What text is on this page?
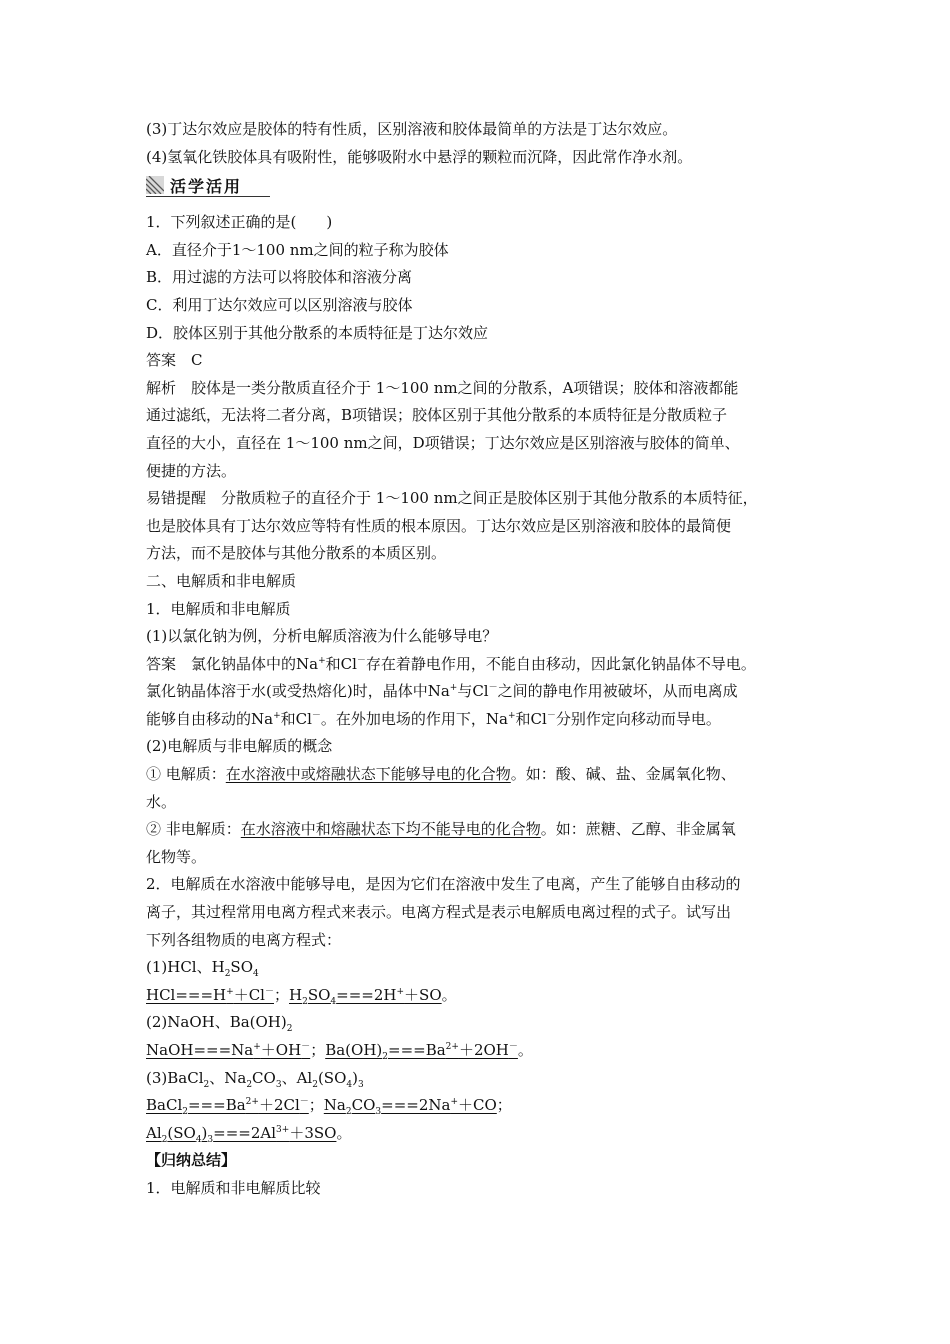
(3)丁达尔效应是胶体的特有性质，区别溶液和胶体最简单的方法是丁达尔效应。
(4)氢氧化铁胶体具有吸附性，能够吸附水中悬浮的颗粒而沉降，因此常作净水剂。
活学活用
1．下列叙述正确的是(　　)
A．直径介于1～100 nm之间的粒子称为胶体
B．用过滤的方法可以将胶体和溶液分离
C．利用丁达尔效应可以区别溶液与胶体
D．胶体区别于其他分散系的本质特征是丁达尔效应
答案　C
解析　胶体是一类分散质直径介于 1～100 nm之间的分散系，A项错误；胶体和溶液都能
通过滤纸，无法将二者分离，B项错误；胶体区别于其他分散系的本质特征是分散质粒子
直径的大小，直径在 1～100 nm之间，D项错误；丁达尔效应是区别溶液与胶体的简单、
便捷的方法。
易错提醒　分散质粒子的直径介于 1～100 nm之间正是胶体区别于其他分散系的本质特征，
也是胶体具有丁达尔效应等特有性质的根本原因。丁达尔效应是区别溶液和胶体的最简便
方法，而不是胶体与其他分散系的本质区别。
二、电解质和非电解质
1．电解质和非电解质
(1)以氯化钠为例，分析电解质溶液为什么能够导电？
答案　氯化钠晶体中的Na+和Cl－存在着静电作用，不能自由移动，因此氯化钠晶体不导电。
氯化钠晶体溶于水(或受热熔化)时，晶体中Na+与Cl－之间的静电作用被破坏，从而电离成
能够自由移动的Na+和Cl－。在外加电场的作用下，Na+和Cl－分别作定向移动而导电。
(2)电解质与非电解质的概念
① 电解质：在水溶液中或熔融状态下能够导电的化合物。如：酸、碱、盐、金属氧化物、
水。
② 非电解质：在水溶液中和熔融状态下均不能导电的化合物。如：蔗糖、乙醇、非金属氧
化物等。
2．电解质在水溶液中能够导电，是因为它们在溶液中发生了电离，产生了能够自由移动的
离子，其过程常用电离方程式来表示。电离方程式是表示电解质电离过程的式子。试写出
下列各组物质的电离方程式：
(1)HCl、$H_2SO_4$
HCl===H+＋Cl－；$H_2SO_4===2H^++SO$。
(2)NaOH、$Ba(OH)_2$
NaOH===Na+＋OH－；$Ba(OH)_2===Ba^{2+}+2OH^-$。
(3)BaCl$_2$、$Na_2CO_3$、$Al_2(SO_4)_3$
$BaCl_2===Ba^{2+}+2Cl^-$；$Na_2CO_3===2Na^++CO$；
$Al_2(SO_4)_3===2Al^{3+}+3SO$。
【归纳总结】
1．电解质和非电解质比较
